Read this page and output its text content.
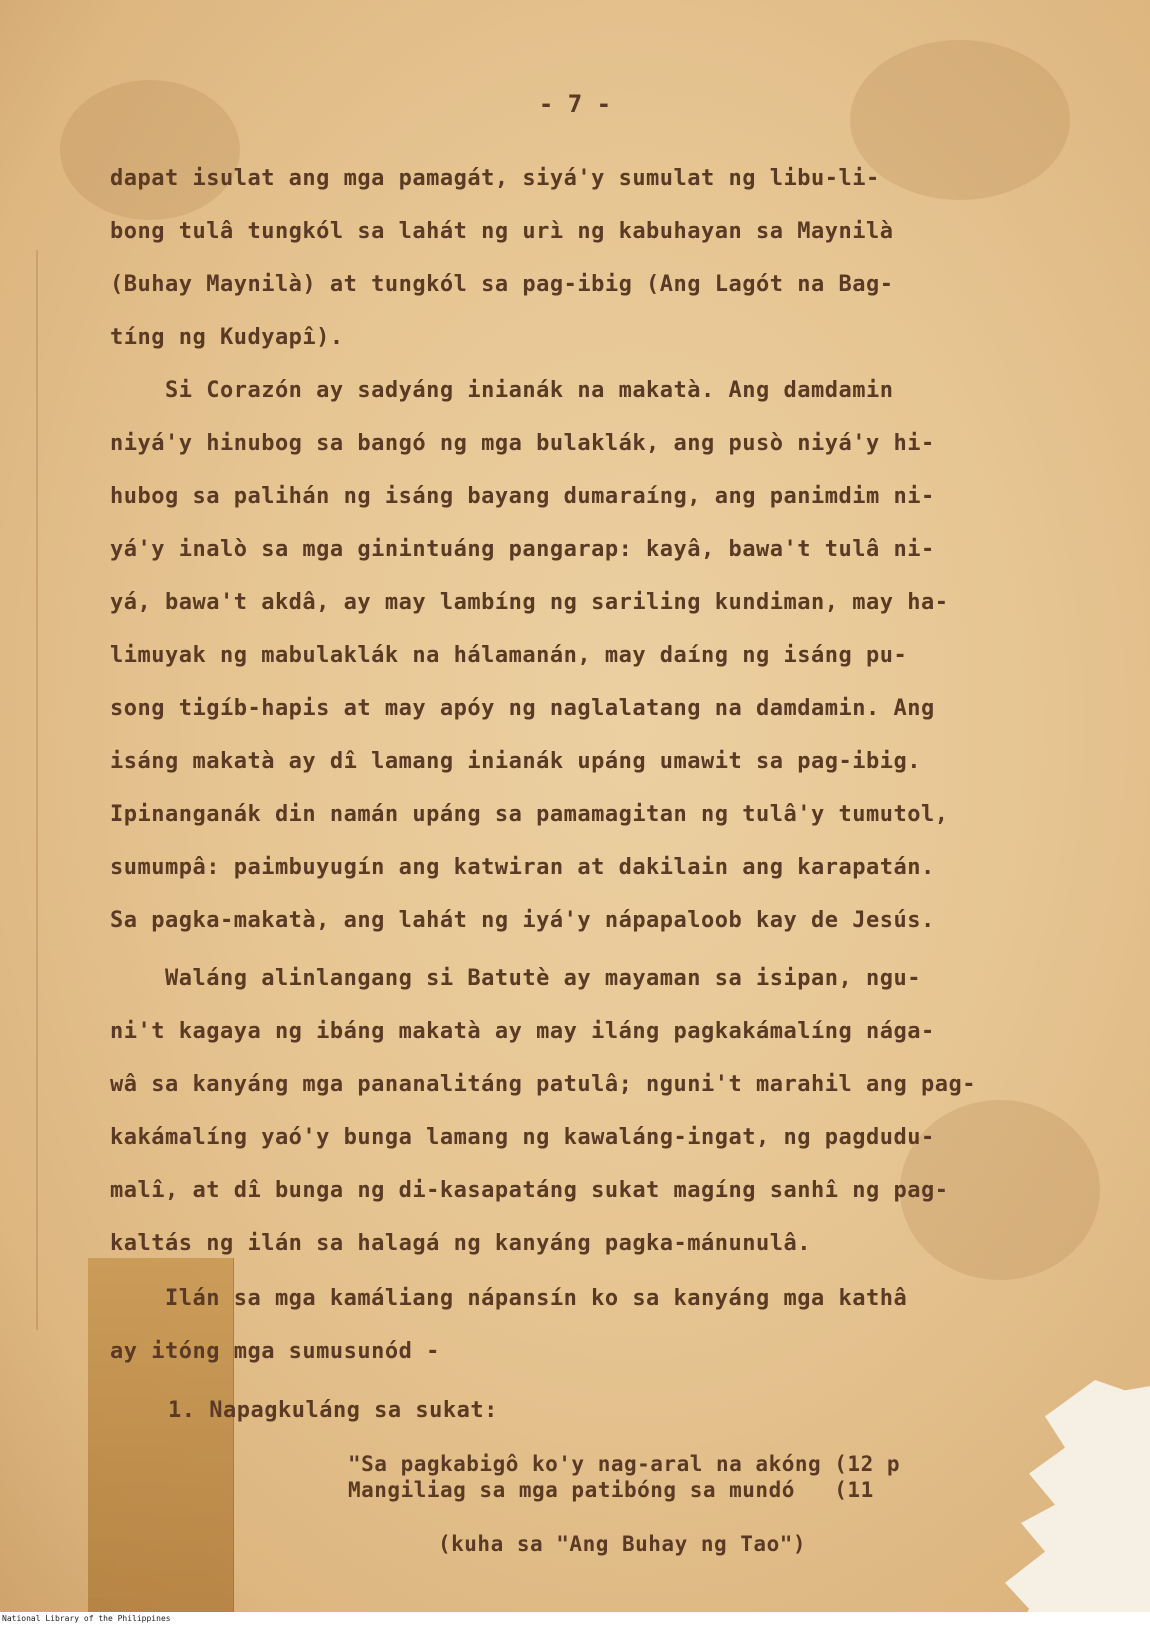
- 7 -

dapat isulat ang mga pamagát, siyá'y sumulat ng libu-li-

bong tulâ tungkól sa lahát ng urì ng kabuhayan sa Maynilà

(Buhay Maynilà) at tungkól sa pag-ibig (Ang Lagót na Bag-

tíng ng Kudyapî).

Si Corazón ay sadyáng inianák na makatà. Ang damdamin

niyá'y hinubog sa bangó ng mga bulaklák, ang pusò niyá'y hi-

hubog sa palihán ng isáng bayang dumaraíng, ang panimdim ni-

yá'y inalò sa mga ginintuáng pangarap: kayâ, bawa't tulâ ni-

yá, bawa't akdâ, ay may lambíng ng sariling kundiman, may ha-

limuyak ng mabulaklák na hálamanán, may daíng ng isáng pu-

song tigíb-hapis at may apóy ng naglalatang na damdamin. Ang

isáng makatà ay dî lamang inianák upáng umawit sa pag-ibig.

Ipinanganák din namán upáng sa pamamagitan ng tulâ'y tumutol,

sumumpâ: paimbuyugín ang katwiran at dakilain ang karapatán.

Sa pagka-makatà, ang lahát ng iyá'y nápapaloob kay de Jesús.

Waláng alinlangang si Batutè ay mayaman sa isipan, ngu-

ni't kagaya ng ibáng makatà ay may iláng pagkakámalíng nága-

wâ sa kanyáng mga pananalitáng patulâ; nguni't marahil ang pag-

kakámalíng yaó'y bunga lamang ng kawaláng-ingat, ng pagdudu-

malî, at dî bunga ng di-kasapatáng sukat magíng sanhî ng pag-

kaltás ng ilán sa halagá ng kanyáng pagka-mánunulâ.

Ilán sa mga kamáliang nápansín ko sa kanyáng mga kathâ

ay itóng mga sumusunód -

1. Napagkuláng sa sukat:

"Sa pagkabigô ko'y nag-aral na akóng (12 p

Mangiliag sa mga patibóng sa mundó   (11

(kuha sa "Ang Buhay ng Tao")

National Library of the Philippines
